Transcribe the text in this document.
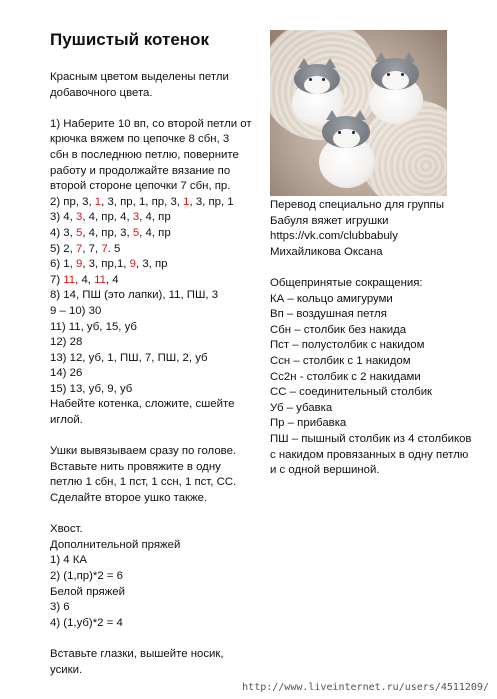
Пушистый котенок

Красным цветом выделены петли

добавочного цвета.

1) Наберите 10 вп, со второй петли от

крючка вяжем по цепочке 8 сбн, 3

сбн в последнюю петлю, поверните

работу и продолжайте вязание по

второй стороне цепочки 7 сбн, пр.

2) пр, 3, 1, 3, пр, 1, пр, 3, 1, 3, пр, 1

3) 4, 3, 4, пр, 4, 3, 4, пр

4) 3, 5, 4, пр, 3, 5, 4, пр

5) 2, 7, 7, 7. 5

6) 1, 9, 3, пр,1, 9, 3, пр

7) 11, 4, 11, 4

8) 14, ПШ (это лапки), 11, ПШ, 3

9 – 10) 30

11) 11, уб, 15, уб

12) 28

13) 12, уб, 1, ПШ, 7, ПШ, 2, уб

14) 26

15) 13, уб, 9, уб

Набейте котенка, сложите, сшейте

иглой.

Ушки вывязываем сразу по голове.

Вставьте нить провяжите в одну

петлю 1 сбн, 1 пст, 1 ссн, 1 пст, СС.

Сделайте второе ушко также.

Хвост.

Дополнительной пряжей

1) 4 КА

2) (1,пр)*2 = 6

Белой пряжей

3) 6

4) (1,уб)*2 = 4

Вставьте глазки, вышейте носик,

усики.

Перевод специально для группы

Бабуля вяжет игрушки

https://vk.com/clubbabuly

Михайликова Оксана

Общепринятые сокращения:

КА – кольцо амигуруми

Вп – воздушная петля

Сбн – столбик без накида

Пст – полустолбик с накидом

Ссн – столбик с 1 накидом

Сс2н - столбик с 2 накидами

СС – соединительный столбик

Уб – убавка

Пр – прибавка

ПШ – пышный столбик из 4 столбиков

с накидом провязанных в одну петлю

и с одной вершиной.

http://www.liveinternet.ru/users/4511209/
